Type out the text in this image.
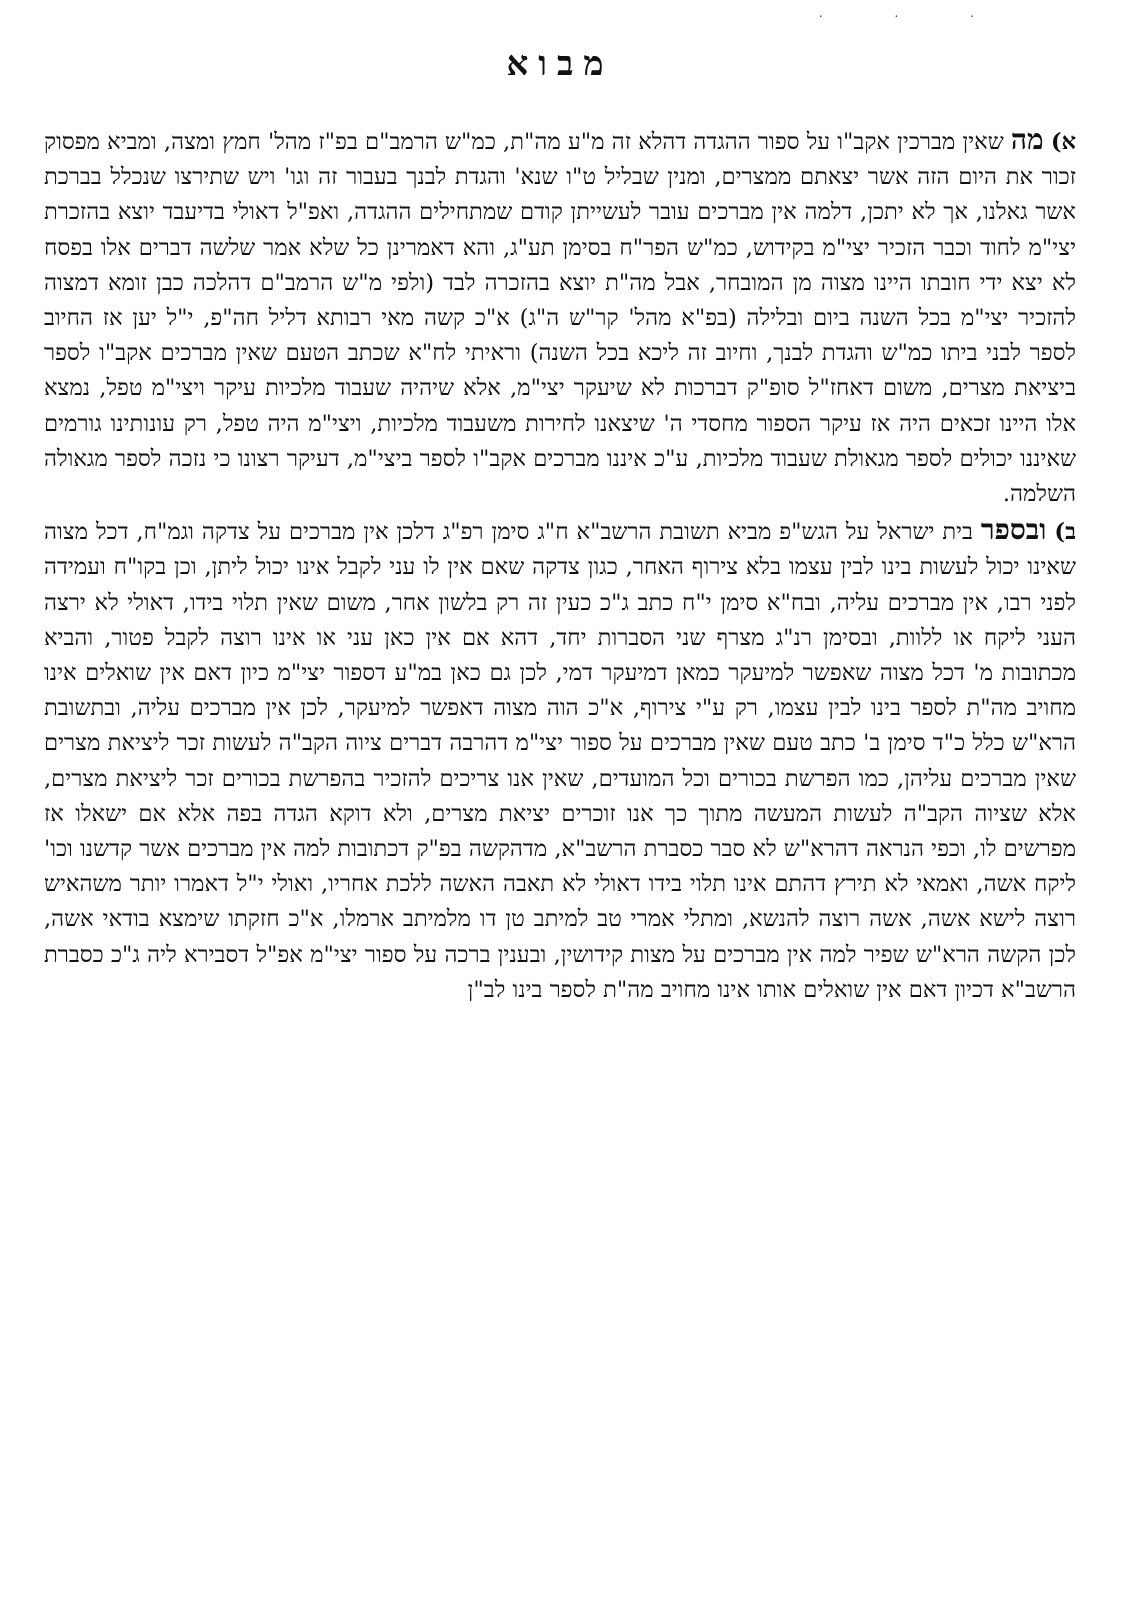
. . .
מבוא

א) מה שאין מברכין אקב"ו על ספור ההגדה דהלא זה מ"ע מה"ת, כמ"ש הרמב"ם בפ"ז מהל' חמץ ומצה, ומביא מפסוק זכור את היום הזה אשר יצאתם ממצרים, ומנין שבליל ט"ו שנא' והגדת לבנך בעבור זה וגו' ויש שתירצו שנכלל בברכת אשר גאלנו, אך לא יתכן, דלמה אין מברכים עובר לעשייתן קודם שמתחילים ההגדה, ואפ"ל דאולי בדיעבד יוצא בהזכרת יצי"מ לחוד וכבר הזכיר יצי"מ בקידוש, כמ"ש הפר"ח בסימן תע"ג, והא דאמרינן כל שלא אמר שלשה דברים אלו בפסח לא יצא ידי חובתו היינו מצוה מן המובחר, אבל מה"ת יוצא בהזכרה לבד (ולפי מ"ש הרמב"ם דהלכה כבן זומא דמצוה להזכיר יצי"מ בכל השנה ביום ובלילה (בפ"א מהל' קר"ש ה"ג) א"כ קשה מאי רבותא דליל חה"פ, י"ל יען אז החיוב לספר לבני ביתו כמ"ש והגדת לבנך, וחיוב זה ליכא בכל השנה) וראיתי לח"א שכתב הטעם שאין מברכים אקב"ו לספר ביציאת מצרים, משום דאחז"ל סופ"ק דברכות לא שיעקר יצי"מ, אלא שיהיה שעבוד מלכיות עיקר ויצי"מ טפל, נמצא אלו היינו זכאים היה אז עיקר הספור מחסדי ה' שיצאנו לחירות משעבוד מלכיות, ויצי"מ היה טפל, רק עונותינו גורמים שאיננו יכולים לספר מגאולת שעבוד מלכיות, ע"כ איננו מברכים אקב"ו לספר ביצי"מ, דעיקר רצונו כי נזכה לספר מגאולה השלמה.

ב) ובספר בית ישראל על הגש"פ מביא תשובת הרשב"א ח"ג סימן רפ"ג דלכן אין מברכים על צדקה וגמ"ח, דכל מצוה שאינו יכול לעשות בינו לבין עצמו בלא צירוף האחר, כגון צדקה שאם אין לו עני לקבל אינו יכול ליתן, וכן בקו"ח ועמידה לפני רבו, אין מברכים עליה, ובח"א סימן י"ח כתב ג"כ כעין זה רק בלשון אחר, משום שאין תלוי בידו, דאולי לא ירצה העני ליקח או ללוות, ובסימן רנ"ג מצרף שני הסברות יחד, דהא אם אין כאן עני או אינו רוצה לקבל פטור, והביא מכתובות מ' דכל מצוה שאפשר למיעקר כמאן דמיעקר דמי, לכן גם כאן במ"ע דספור יצי"מ כיון דאם אין שואלים אינו מחויב מה"ת לספר בינו לבין עצמו, רק ע"י צירוף, א"כ הוה מצוה דאפשר למיעקר, לכן אין מברכים עליה, ובתשובת הרא"ש כלל כ"ד סימן ב' כתב טעם שאין מברכים על ספור יצי"מ דהרבה דברים ציוה הקב"ה לעשות זכר ליציאת מצרים שאין מברכים עליהן, כמו הפרשת בכורים וכל המועדים, שאין אנו צריכים להזכיר בהפרשת בכורים זכר ליציאת מצרים, אלא שציוה הקב"ה לעשות המעשה מתוך כך אנו זוכרים יציאת מצרים, ולא דוקא הגדה בפה אלא אם ישאלו אז מפרשים לו, וכפי הנראה דהרא"ש לא סבר כסברת הרשב"א, מדהקשה בפ"ק דכתובות למה אין מברכים אשר קדשנו וכו' ליקח אשה, ואמאי לא תירץ דהתם אינו תלוי בידו דאולי לא תאבה האשה ללכת אחריו, ואולי י"ל דאמרו יותר משהאיש רוצה לישא אשה, אשה רוצה להנשא, ומתלי אמרי טב למיתב טן דו מלמיתב ארמלו, א"כ חזקתו שימצא בודאי אשה, לכן הקשה הרא"ש שפיר למה אין מברכים על מצות קידושין, ובענין ברכה על ספור יצי"מ אפ"ל דסבירא ליה ג"כ כסברת הרשב"א דכיון דאם אין שואלים אותו אינו מחויב מה"ת לספר בינו לב"ן
